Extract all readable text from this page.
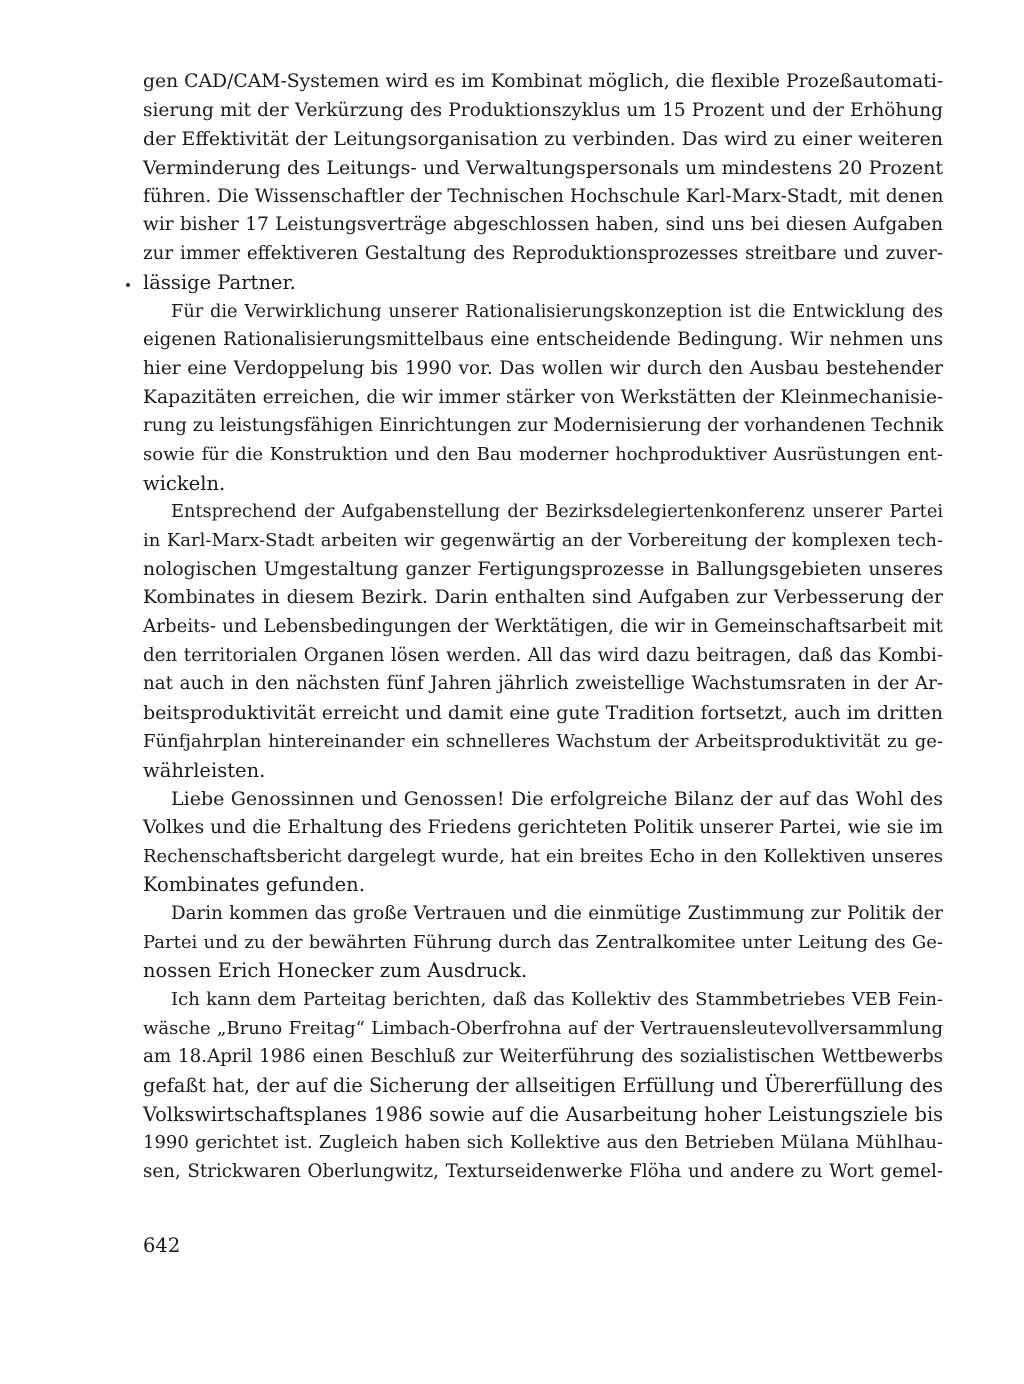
gen CAD/CAM-Systemen wird es im Kombinat möglich, die flexible Prozeßautomati-
sierung mit der Verkürzung des Produktionszyklus um 15 Prozent und der Erhöhung
der Effektivität der Leitungsorganisation zu verbinden. Das wird zu einer weiteren
Verminderung des Leitungs- und Verwaltungspersonals um mindestens 20 Prozent
führen. Die Wissenschaftler der Technischen Hochschule Karl-Marx-Stadt, mit denen
wir bisher 17 Leistungsverträge abgeschlossen haben, sind uns bei diesen Aufgaben
zur immer effektiveren Gestaltung des Reproduktionsprozesses streitbare und zuver-
lässige Partner.
Für die Verwirklichung unserer Rationalisierungskonzeption ist die Entwicklung des
eigenen Rationalisierungsmittelbaus eine entscheidende Bedingung. Wir nehmen uns
hier eine Verdoppelung bis 1990 vor. Das wollen wir durch den Ausbau bestehender
Kapazitäten erreichen, die wir immer stärker von Werkstätten der Kleinmechanisie-
rung zu leistungsfähigen Einrichtungen zur Modernisierung der vorhandenen Technik
sowie für die Konstruktion und den Bau moderner hochproduktiver Ausrüstungen ent-
wickeln.
Entsprechend der Aufgabenstellung der Bezirksdelegiertenkonferenz unserer Partei
in Karl-Marx-Stadt arbeiten wir gegenwärtig an der Vorbereitung der komplexen tech-
nologischen Umgestaltung ganzer Fertigungsprozesse in Ballungsgebieten unseres
Kombinates in diesem Bezirk. Darin enthalten sind Aufgaben zur Verbesserung der
Arbeits- und Lebensbedingungen der Werktätigen, die wir in Gemeinschaftsarbeit mit
den territorialen Organen lösen werden. All das wird dazu beitragen, daß das Kombi-
nat auch in den nächsten fünf Jahren jährlich zweistellige Wachstumsraten in der Ar-
beitsproduktivität erreicht und damit eine gute Tradition fortsetzt, auch im dritten
Fünfjahrplan hintereinander ein schnelleres Wachstum der Arbeitsproduktivität zu ge-
währleisten.
Liebe Genossinnen und Genossen! Die erfolgreiche Bilanz der auf das Wohl des
Volkes und die Erhaltung des Friedens gerichteten Politik unserer Partei, wie sie im
Rechenschaftsbericht dargelegt wurde, hat ein breites Echo in den Kollektiven unseres
Kombinates gefunden.
Darin kommen das große Vertrauen und die einmütige Zustimmung zur Politik der
Partei und zu der bewährten Führung durch das Zentralkomitee unter Leitung des Ge-
nossen Erich Honecker zum Ausdruck.
Ich kann dem Parteitag berichten, daß das Kollektiv des Stammbetriebes VEB Fein-
wäsche „Bruno Freitag“ Limbach-Oberfrohna auf der Vertrauensleutevollversammlung
am 18.April 1986 einen Beschluß zur Weiterführung des sozialistischen Wettbewerbs
gefaßt hat, der auf die Sicherung der allseitigen Erfüllung und Übererfüllung des
Volkswirtschaftsplanes 1986 sowie auf die Ausarbeitung hoher Leistungsziele bis
1990 gerichtet ist. Zugleich haben sich Kollektive aus den Betrieben Mülana Mühlhau-
sen, Strickwaren Oberlungwitz, Texturseidenwerke Flöha und andere zu Wort gemel-
642
